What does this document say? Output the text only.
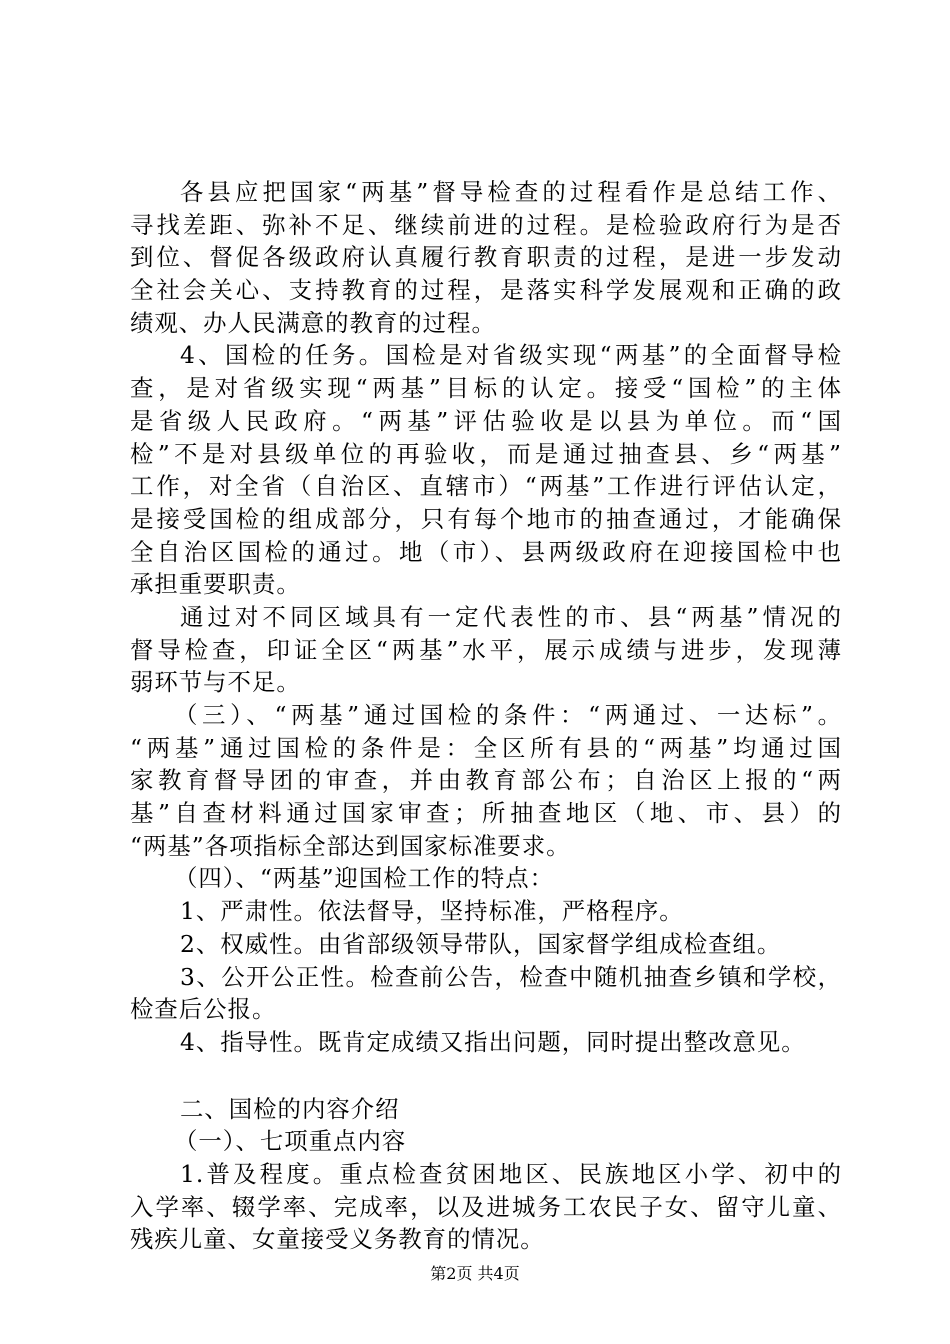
各县应把国家“两基”督导检查的过程看作是总结工作、
寻找差距、弥补不足、继续前进的过程。是检验政府行为是否
到位、督促各级政府认真履行教育职责的过程，是进一步发动
全社会关心、支持教育的过程，是落实科学发展观和正确的政
绩观、办人民满意的教育的过程。
4、国检的任务。国检是对省级实现“两基”的全面督导检
查，是对省级实现“两基”目标的认定。接受“国检”的主体
是省级人民政府。“两基”评估验收是以县为单位。而“国
检”不是对县级单位的再验收，而是通过抽查县、乡“两基”
工作，对全省（自治区、直辖市）“两基”工作进行评估认定，
是接受国检的组成部分，只有每个地市的抽查通过，才能确保
全自治区国检的通过。地（市）、县两级政府在迎接国检中也
承担重要职责。
通过对不同区域具有一定代表性的市、县“两基”情况的
督导检查，印证全区“两基”水平，展示成绩与进步，发现薄
弱环节与不足。
（三）、“两基”通过国检的条件：“两通过、一达标”。
“两基”通过国检的条件是：全区所有县的“两基”均通过国
家教育督导团的审查，并由教育部公布；自治区上报的“两
基”自查材料通过国家审查；所抽查地区（地、市、县）的
“两基”各项指标全部达到国家标准要求。
（四）、“两基”迎国检工作的特点：
1、严肃性。依法督导，坚持标准，严格程序。
2、权威性。由省部级领导带队，国家督学组成检查组。
3、公开公正性。检查前公告，检查中随机抽查乡镇和学校，
检查后公报。
4、指导性。既肯定成绩又指出问题，同时提出整改意见。
二、国检的内容介绍
（一）、七项重点内容
1.普及程度。重点检查贫困地区、民族地区小学、初中的
入学率、辍学率、完成率，以及进城务工农民子女、留守儿童、
残疾儿童、女童接受义务教育的情况。
第2页 共4页
